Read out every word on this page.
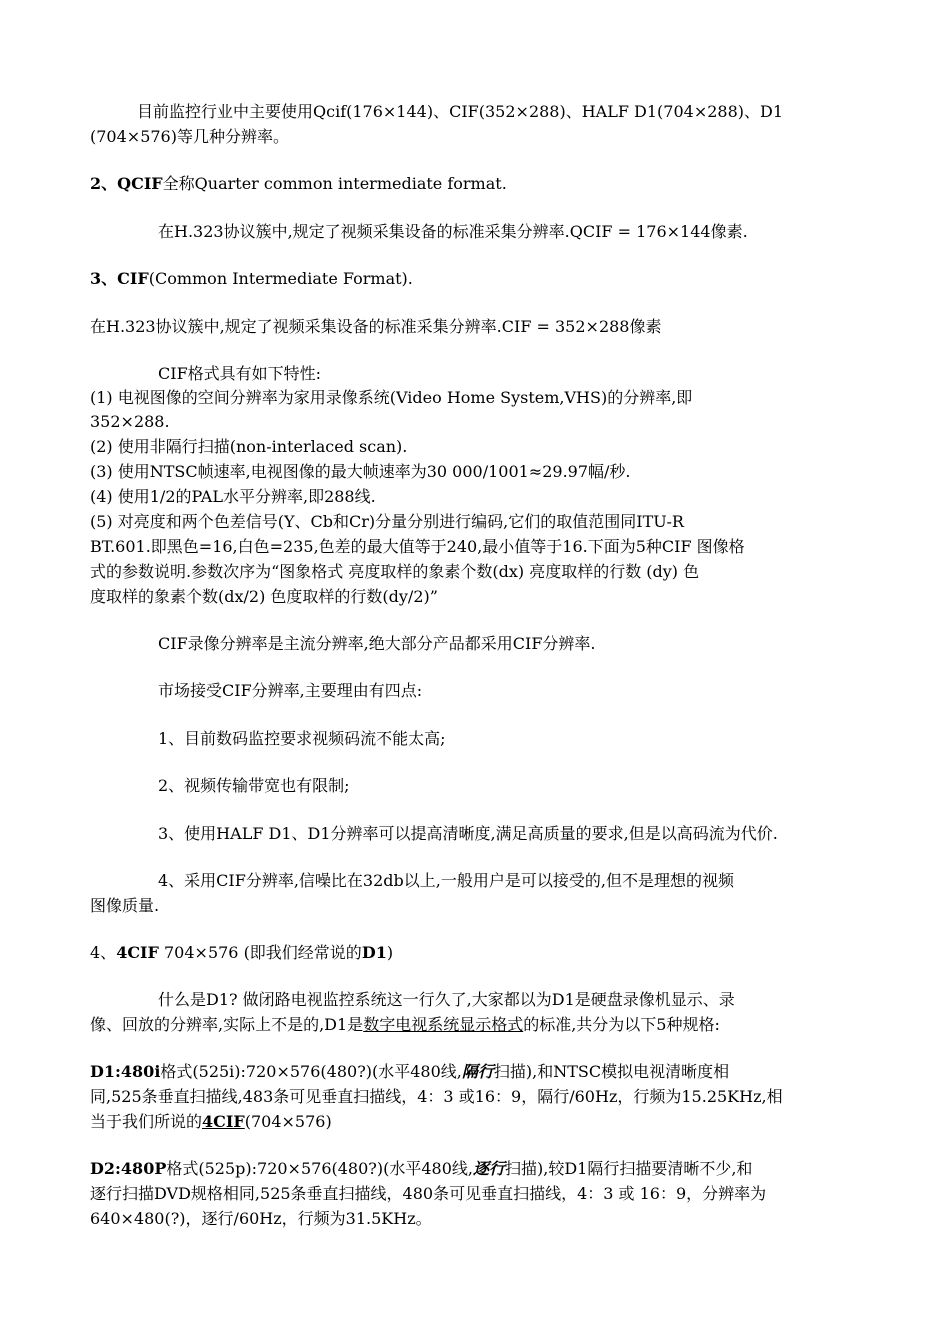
目前监控行业中主要使用Qcif(176×144)、CIF(352×288)、HALF D1(704×288)、D1
(704×576)等几种分辨率。
2、QCIF全称Quarter common intermediate format.
在H.323协议簇中,规定了视频采集设备的标准采集分辨率.QCIF = 176×144像素.
3、CIF(Common Intermediate Format).
在H.323协议簇中,规定了视频采集设备的标准采集分辨率.CIF = 352×288像素
CIF格式具有如下特性:
(1) 电视图像的空间分辨率为家用录像系统(Video Home System,VHS)的分辨率,即
352×288.
(2) 使用非隔行扫描(non-interlaced scan).
(3) 使用NTSC帧速率,电视图像的最大帧速率为30 000/1001≈29.97幅/秒.
(4) 使用1/2的PAL水平分辨率,即288线.
(5) 对亮度和两个色差信号(Y、Cb和Cr)分量分别进行编码,它们的取值范围同ITU-R
BT.601.即黑色=16,白色=235,色差的最大值等于240,最小值等于16.下面为5种CIF 图像格
式的参数说明.参数次序为“图象格式 亮度取样的象素个数(dx) 亮度取样的行数 (dy) 色
度取样的象素个数(dx/2) 色度取样的行数(dy/2)”
CIF录像分辨率是主流分辨率,绝大部分产品都采用CIF分辨率.
市场接受CIF分辨率,主要理由有四点:
1、目前数码监控要求视频码流不能太高;
2、视频传输带宽也有限制;
3、使用HALF D1、D1分辨率可以提高清晰度,满足高质量的要求,但是以高码流为代价.
4、采用CIF分辨率,信噪比在32db以上,一般用户是可以接受的,但不是理想的视频
图像质量.
4、4CIF 704×576 (即我们经常说的D1)
什么是D1? 做闭路电视监控系统这一行久了,大家都以为D1是硬盘录像机显示、录
像、回放的分辨率,实际上不是的,D1是数字电视系统显示格式的标准,共分为以下5种规格:
D1:480i格式(525i):720×576(480?)(水平480线,隔行扫描),和NTSC模拟电视清晰度相
同,525条垂直扫描线,483条可见垂直扫描线，4：3 或16：9，隔行/60Hz，行频为15.25KHz,相
当于我们所说的4CIF(704×576)
D2:480P格式(525p):720×576(480?)(水平480线,逐行扫描),较D1隔行扫描要清晰不少,和
逐行扫描DVD规格相同,525条垂直扫描线，480条可见垂直扫描线，4：3 或 16：9，分辨率为
640×480(?)，逐行/60Hz，行频为31.5KHz。
